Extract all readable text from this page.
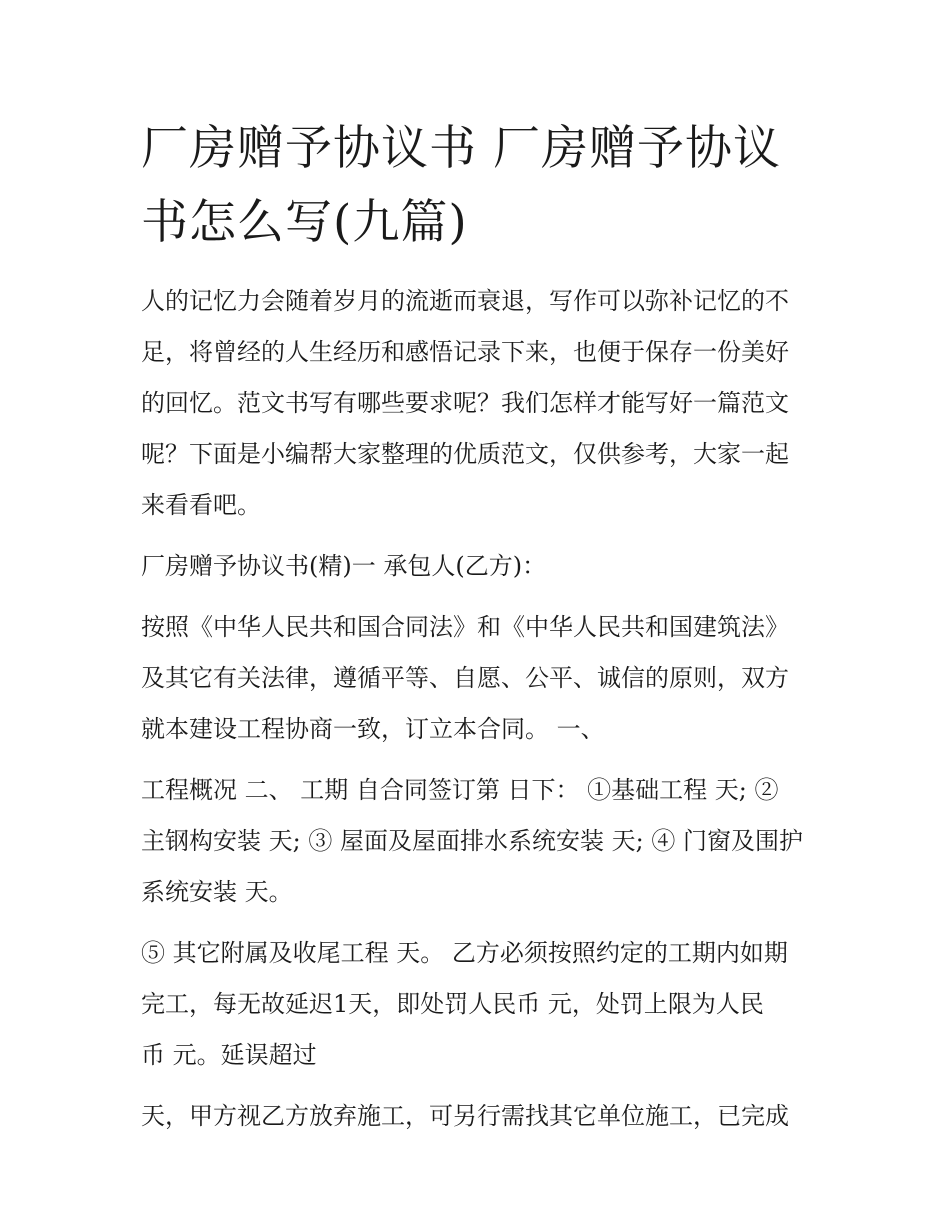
厂房赠予协议书 厂房赠予协议
书怎么写(九篇)

人的记忆力会随着岁月的流逝而衰退，写作可以弥补记忆的不
足，将曾经的人生经历和感悟记录下来，也便于保存一份美好
的回忆。范文书写有哪些要求呢？我们怎样才能写好一篇范文
呢？下面是小编帮大家整理的优质范文，仅供参考，大家一起
来看看吧。

厂房赠予协议书(精)一 承包人(乙方)：

按照《中华人民共和国合同法》和《中华人民共和国建筑法》
及其它有关法律，遵循平等、自愿、公平、诚信的原则，双方
就本建设工程协商一致，订立本合同。 一、

工程概况 二、 工期 自合同签订第 日下： ①基础工程 天; ②
主钢构安装 天; ③ 屋面及屋面排水系统安装 天; ④ 门窗及围护
系统安装 天。

⑤ 其它附属及收尾工程 天。 乙方必须按照约定的工期内如期
完工，每无故延迟1天，即处罚人民币 元，处罚上限为人民
币 元。延误超过

天，甲方视乙方放弃施工，可另行需找其它单位施工，已完成
